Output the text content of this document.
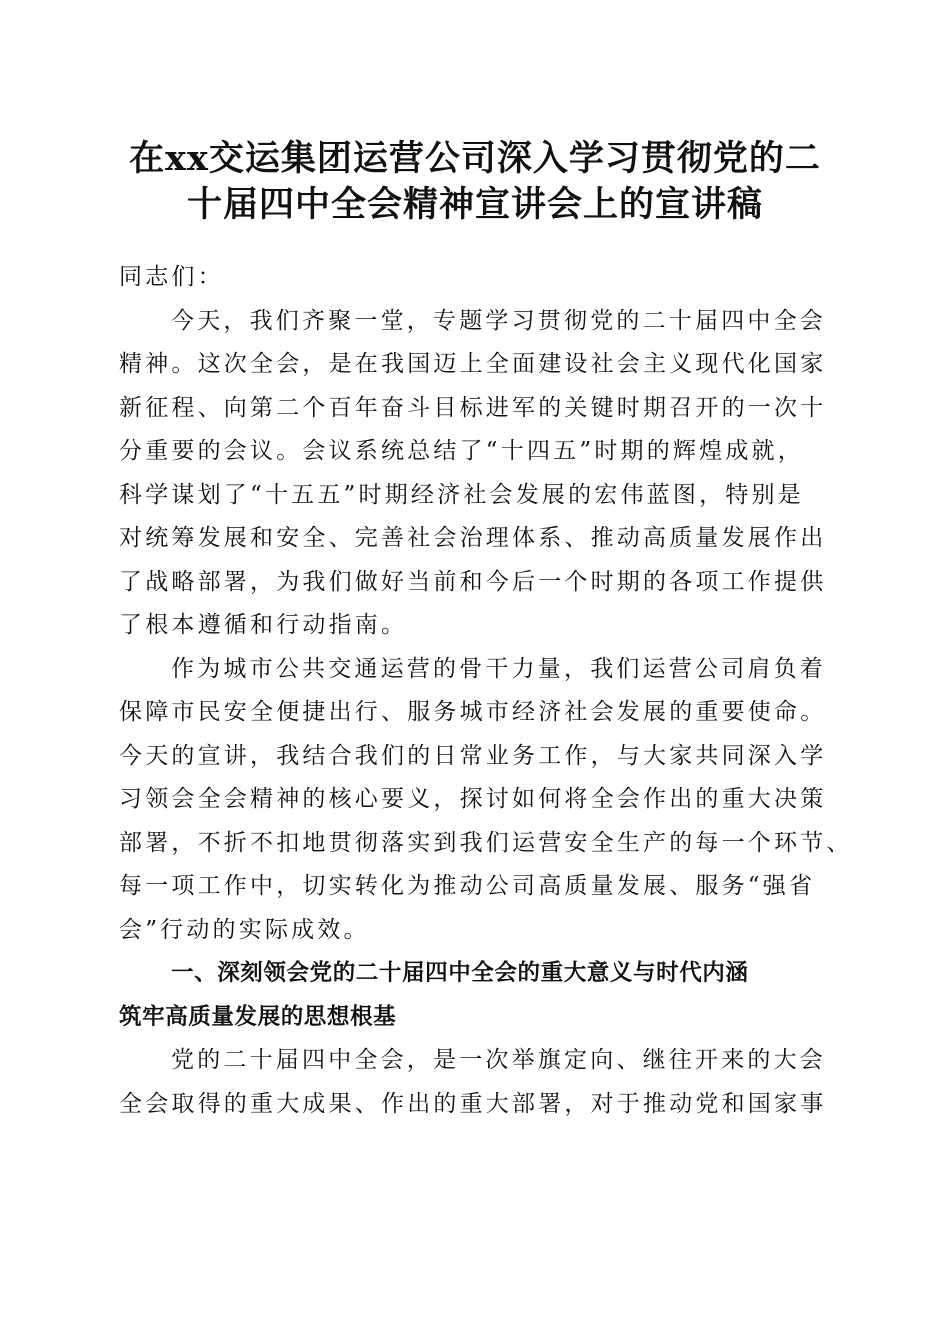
在xx交运集团运营公司深入学习贯彻党的二
十届四中全会精神宣讲会上的宣讲稿
同志们：
今天，我们齐聚一堂，专题学习贯彻党的二十届四中全会
精神。这次全会，是在我国迈上全面建设社会主义现代化国家
新征程、向第二个百年奋斗目标进军的关键时期召开的一次十
分重要的会议。会议系统总结了“十四五”时期的辉煌成就，
科学谋划了“十五五”时期经济社会发展的宏伟蓝图，特别是
对统筹发展和安全、完善社会治理体系、推动高质量发展作出
了战略部署，为我们做好当前和今后一个时期的各项工作提供
了根本遵循和行动指南。
作为城市公共交通运营的骨干力量，我们运营公司肩负着
保障市民安全便捷出行、服务城市经济社会发展的重要使命。
今天的宣讲，我结合我们的日常业务工作，与大家共同深入学
习领会全会精神的核心要义，探讨如何将全会作出的重大决策
部署，不折不扣地贯彻落实到我们运营安全生产的每一个环节、
每一项工作中，切实转化为推动公司高质量发展、服务“强省
会”行动的实际成效。
一、深刻领会党的二十届四中全会的重大意义与时代内涵
筑牢高质量发展的思想根基
党的二十届四中全会，是一次举旗定向、继往开来的大会
全会取得的重大成果、作出的重大部署，对于推动党和国家事
